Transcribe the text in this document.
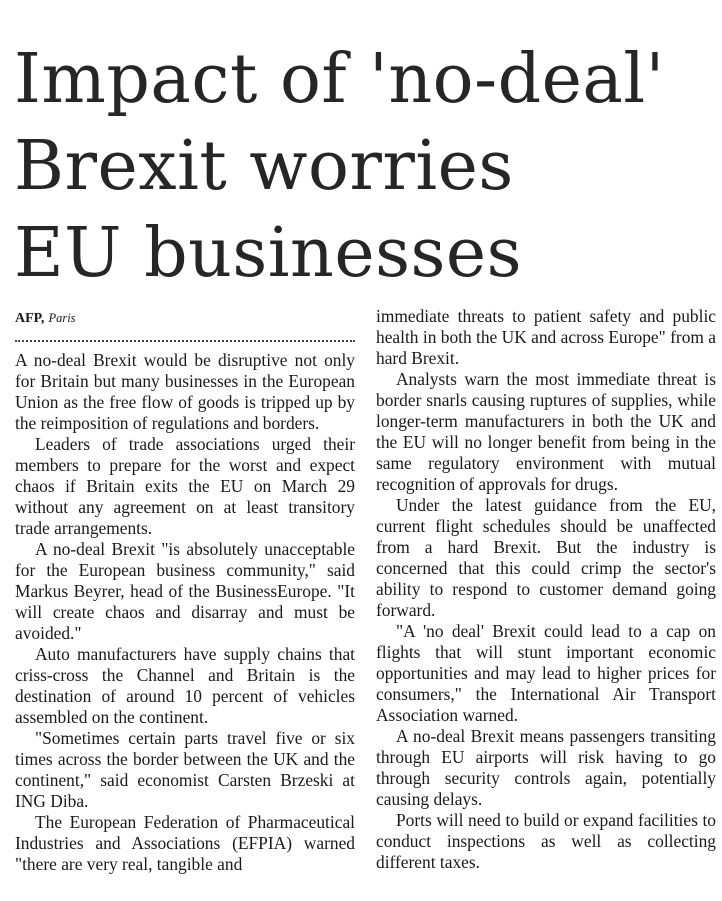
Impact of 'no-deal'
Brexit worries
EU businesses
AFP, Paris

A no-deal Brexit would be disruptive not only for Britain but many businesses in the European Union as the free flow of goods is tripped up by the reimposition of regulations and borders.

Leaders of trade associations urged their members to prepare for the worst and expect chaos if Britain exits the EU on March 29 without any agreement on at least transitory trade arrangements.

A no-deal Brexit "is absolutely unacceptable for the European business community," said Markus Beyrer, head of the BusinessEurope. "It will create chaos and disarray and must be avoided."

Auto manufacturers have supply chains that criss-cross the Channel and Britain is the destination of around 10 percent of vehicles assembled on the continent.

"Sometimes certain parts travel five or six times across the border between the UK and the continent," said economist Carsten Brzeski at ING Diba.

The European Federation of Pharmaceutical Industries and Associations (EFPIA) warned "there are very real, tangible and

immediate threats to patient safety and public health in both the UK and across Europe" from a hard Brexit.

Analysts warn the most immediate threat is border snarls causing ruptures of supplies, while longer-term manufacturers in both the UK and the EU will no longer benefit from being in the same regulatory environment with mutual recognition of approvals for drugs.

Under the latest guidance from the EU, current flight schedules should be unaffected from a hard Brexit. But the industry is concerned that this could crimp the sector's ability to respond to customer demand going forward.

"A 'no deal' Brexit could lead to a cap on flights that will stunt important economic opportunities and may lead to higher prices for consumers," the International Air Transport Association warned.

A no-deal Brexit means passengers transiting through EU airports will risk having to go through security controls again, potentially causing delays.

Ports will need to build or expand facilities to conduct inspections as well as collecting different taxes.
